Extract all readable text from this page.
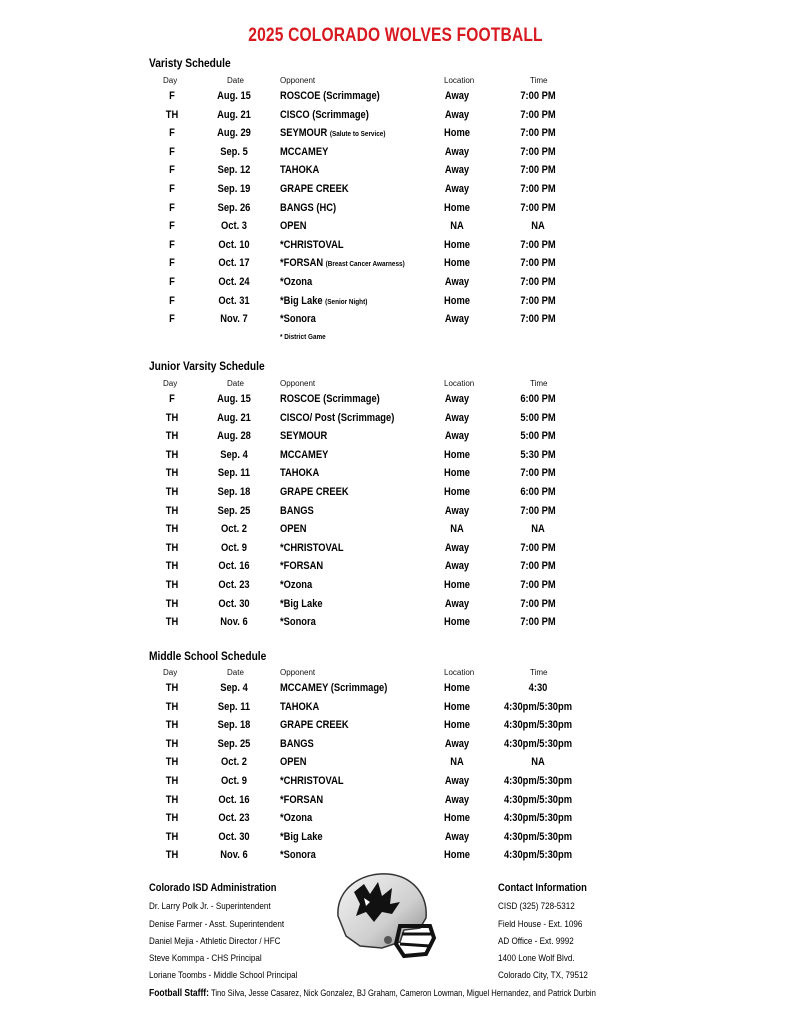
2025 COLORADO WOLVES FOOTBALL
Varisty Schedule
Day	Date	Opponent	Location	Time
F	Aug. 15	ROSCOE (Scrimmage)	Away	7:00 PM
TH	Aug. 21	CISCO (Scrimmage)	Away	7:00 PM
F	Aug. 29	SEYMOUR (Salute to Service)	Home	7:00 PM
F	Sep. 5	MCCAMEY	Away	7:00 PM
F	Sep. 12	TAHOKA	Away	7:00 PM
F	Sep. 19	GRAPE CREEK	Away	7:00 PM
F	Sep. 26	BANGS (HC)	Home	7:00 PM
F	Oct. 3	OPEN	NA	NA
F	Oct. 10	*CHRISTOVAL	Home	7:00 PM
F	Oct. 17	*FORSAN (Breast Cancer Awarness)	Home	7:00 PM
F	Oct. 24	*Ozona	Away	7:00 PM
F	Oct. 31	*Big Lake (Senior Night)	Home	7:00 PM
F	Nov. 7	*Sonora	Away	7:00 PM
* District Game
Junior Varsity Schedule
Day	Date	Opponent	Location	Time
F	Aug. 15	ROSCOE (Scrimmage)	Away	6:00 PM
TH	Aug. 21	CISCO/ Post (Scrimmage)	Away	5:00 PM
TH	Aug. 28	SEYMOUR	Away	5:00 PM
TH	Sep. 4	MCCAMEY	Home	5:30 PM
TH	Sep. 11	TAHOKA	Home	7:00 PM
TH	Sep. 18	GRAPE CREEK	Home	6:00 PM
TH	Sep. 25	BANGS	Away	7:00 PM
TH	Oct. 2	OPEN	NA	NA
TH	Oct. 9	*CHRISTOVAL	Away	7:00 PM
TH	Oct. 16	*FORSAN	Away	7:00 PM
TH	Oct. 23	*Ozona	Home	7:00 PM
TH	Oct. 30	*Big Lake	Away	7:00 PM
TH	Nov. 6	*Sonora	Home	7:00 PM
Middle School Schedule
Day	Date	Opponent	Location	Time
TH	Sep. 4	MCCAMEY (Scrimmage)	Home	4:30
TH	Sep. 11	TAHOKA	Home	4:30pm/5:30pm
TH	Sep. 18	GRAPE CREEK	Home	4:30pm/5:30pm
TH	Sep. 25	BANGS	Away	4:30pm/5:30pm
TH	Oct. 2	OPEN	NA	NA
TH	Oct. 9	*CHRISTOVAL	Away	4:30pm/5:30pm
TH	Oct. 16	*FORSAN	Away	4:30pm/5:30pm
TH	Oct. 23	*Ozona	Home	4:30pm/5:30pm
TH	Oct. 30	*Big Lake	Away	4:30pm/5:30pm
TH	Nov. 6	*Sonora	Home	4:30pm/5:30pm
Colorado ISD Administration
Dr. Larry Polk Jr. - Superintendent
Denise Farmer - Asst. Superintendent
Daniel Mejia - Athletic Director / HFC
Steve Kommpa - CHS Principal
Loriane Toombs - Middle School Principal
Contact Information
CISD (325) 728-5312
Field House - Ext. 1096
AD Office - Ext. 9992
1400 Lone Wolf Blvd.
Colorado City, TX, 79512
Football Stafff: Tino Silva, Jesse Casarez, Nick Gonzalez, BJ Graham, Cameron Lowman, Miguel Hernandez, and Patrick Durbin
